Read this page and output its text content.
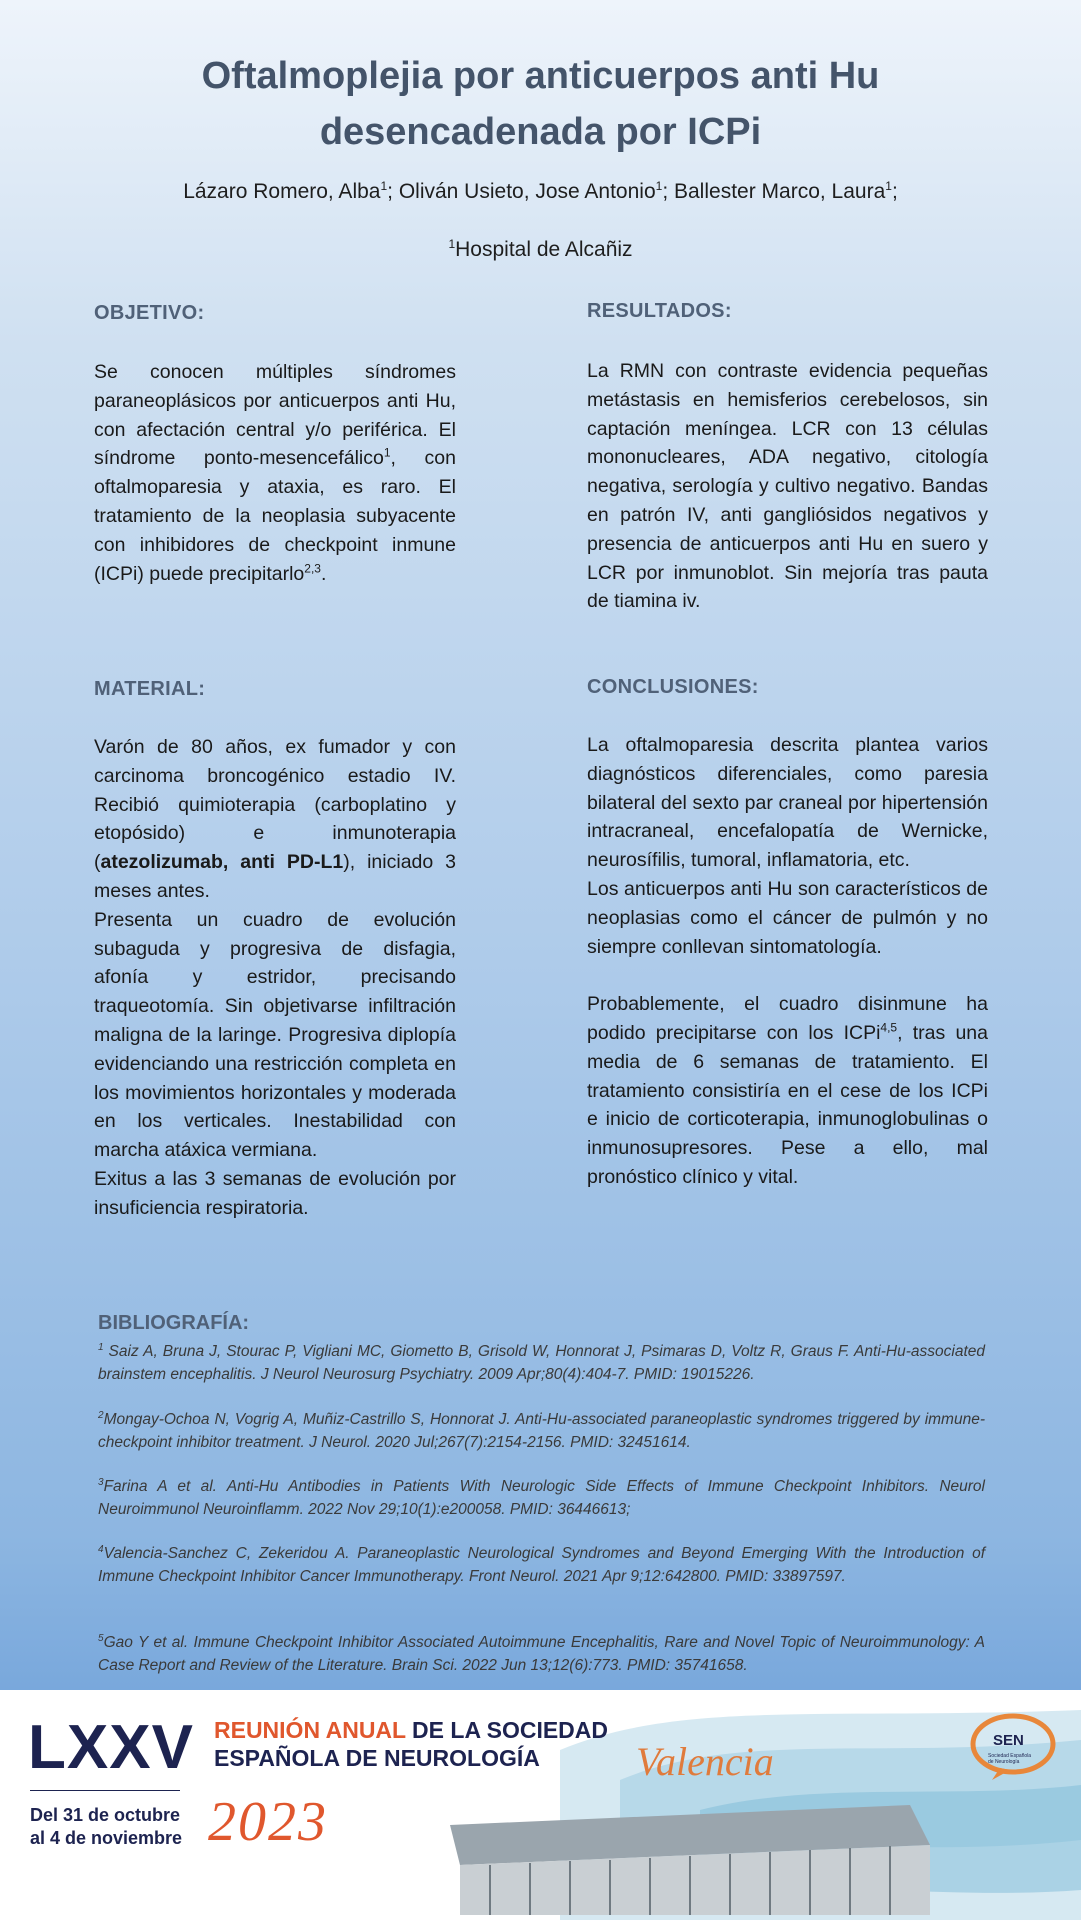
Oftalmoplejia por anticuerpos anti Hu
desencadenada por ICPi
Lázaro Romero, Alba$^1$; Oliván Usieto, Jose Antonio$^1$; Ballester Marco, Laura$^1$;
$^1$Hospital de Alcañiz
OBJETIVO:

Se conocen múltiples síndromes paraneoplásicos por anticuerpos anti Hu, con afectación central y/o periférica. El síndrome ponto-mesencefálico$^1$, con oftalmoparesia y ataxia, es raro. El tratamiento de la neoplasia subyacente con inhibidores de checkpoint inmune (ICPi) puede precipitarlo$^{2,3}$.

MATERIAL:

Varón de 80 años, ex fumador y con carcinoma broncogénico estadio IV. Recibió quimioterapia (carboplatino y etopósido) e inmunoterapia (atezolizumab, anti PD-L1), iniciado 3 meses antes.

Presenta un cuadro de evolución subaguda y progresiva de disfagia, afonía y estridor, precisando traqueotomía. Sin objetivarse infiltración maligna de la laringe. Progresiva diplopía evidenciando una restricción completa en los movimientos horizontales y moderada en los verticales. Inestabilidad con marcha atáxica vermiana.

Exitus a las 3 semanas de evolución por insuficiencia respiratoria.

RESULTADOS:

La RMN con contraste evidencia pequeñas metástasis en hemisferios cerebelosos, sin captación meníngea. LCR con 13 células mononucleares, ADA negativo, citología negativa, serología y cultivo negativo. Bandas en patrón IV, anti gangliósidos negativos y presencia de anticuerpos anti Hu en suero y LCR por inmunoblot. Sin mejoría tras pauta de tiamina iv.

CONCLUSIONES:

La oftalmoparesia descrita plantea varios diagnósticos diferenciales, como paresia bilateral del sexto par craneal por hipertensión intracraneal, encefalopatía de Wernicke, neurosífilis, tumoral, inflamatoria, etc.

Los anticuerpos anti Hu son característicos de neoplasias como el cáncer de pulmón y no siempre conllevan sintomatología.

Probablemente, el cuadro disinmune ha podido precipitarse con los ICPi$^{4,5}$, tras una media de 6 semanas de tratamiento. El tratamiento consistiría en el cese de los ICPi e inicio de corticoterapia, inmunoglobulinas o inmunosupresores. Pese a ello, mal pronóstico clínico y vital.

BIBLIOGRAFÍA:
$^1$ Saiz A, Bruna J, Stourac P, Vigliani MC, Giometto B, Grisold W, Honnorat J, Psimaras D, Voltz R, Graus F. Anti-Hu-associated brainstem encephalitis. J Neurol Neurosurg Psychiatry. 2009 Apr;80(4):404-7. PMID: 19015226.
$^2$Mongay-Ochoa N, Vogrig A, Muñiz-Castrillo S, Honnorat J. Anti-Hu-associated paraneoplastic syndromes triggered by immune-checkpoint inhibitor treatment. J Neurol. 2020 Jul;267(7):2154-2156. PMID: 32451614.
$^3$Farina A et al. Anti-Hu Antibodies in Patients With Neurologic Side Effects of Immune Checkpoint Inhibitors. Neurol Neuroimmunol Neuroinflamm. 2022 Nov 29;10(1):e200058. PMID: 36446613;
$^4$Valencia-Sanchez C, Zekeridou A. Paraneoplastic Neurological Syndromes and Beyond Emerging With the Introduction of Immune Checkpoint Inhibitor Cancer Immunotherapy. Front Neurol. 2021 Apr 9;12:642800. PMID: 33897597.
$^5$Gao Y et al. Immune Checkpoint Inhibitor Associated Autoimmune Encephalitis, Rare and Novel Topic of Neuroimmunology: A Case Report and Review of the Literature. Brain Sci. 2022 Jun 13;12(6):773. PMID: 35741658.
LXXV REUNIÓN ANUAL DE LA SOCIEDAD
ESPAÑOLA DE NEUROLOGÍA
Del 31 de octubre
al 4 de noviembre 2023
Valencia	SEN
Sociedad Española de Neurología
